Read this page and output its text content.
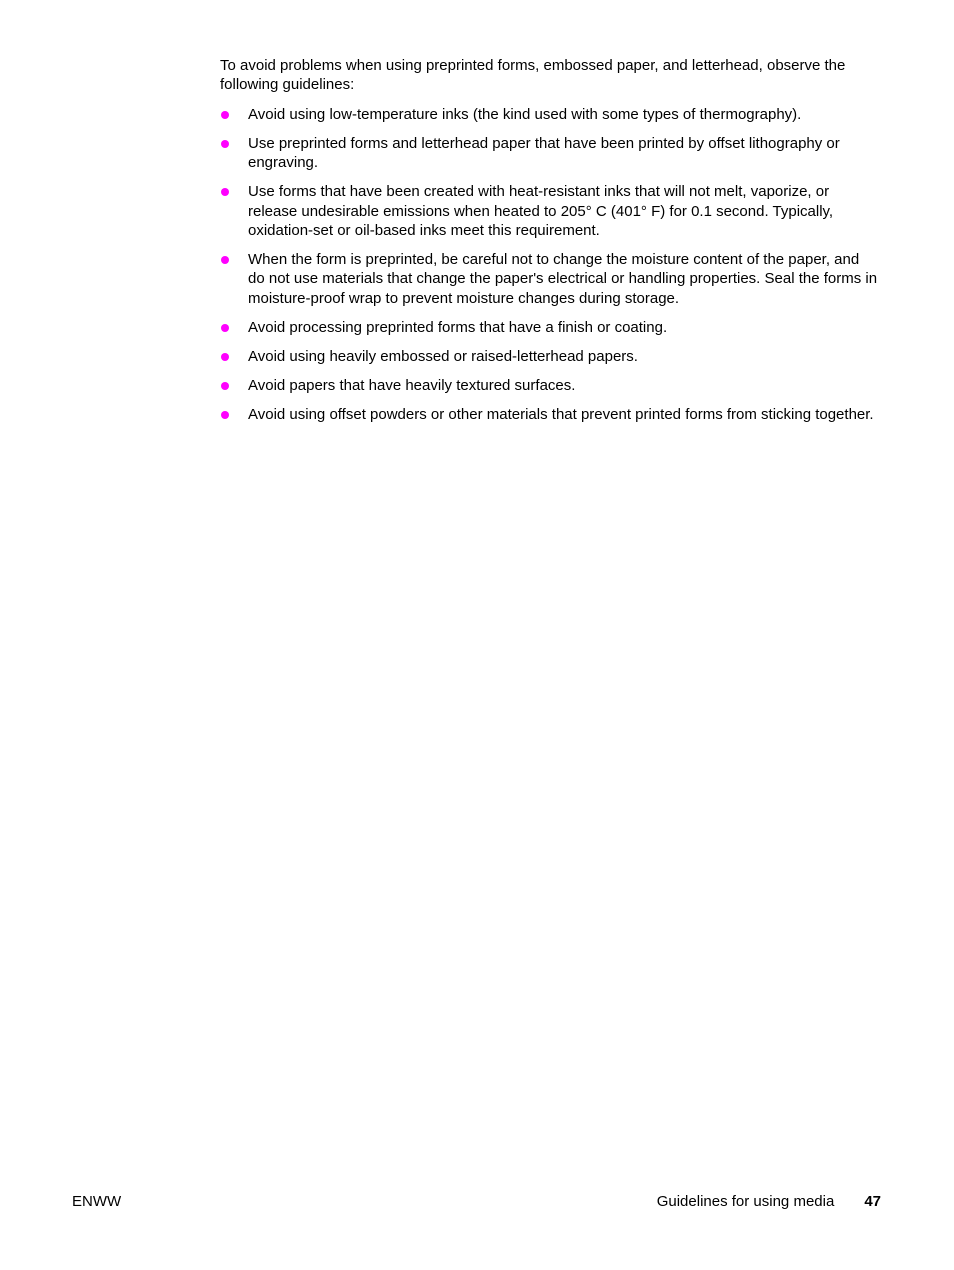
To avoid problems when using preprinted forms, embossed paper, and letterhead, observe the following guidelines:

Avoid using low-temperature inks (the kind used with some types of thermography).
Use preprinted forms and letterhead paper that have been printed by offset lithography or engraving.
Use forms that have been created with heat-resistant inks that will not melt, vaporize, or release undesirable emissions when heated to 205° C (401° F) for 0.1 second. Typically, oxidation-set or oil-based inks meet this requirement.
When the form is preprinted, be careful not to change the moisture content of the paper, and do not use materials that change the paper's electrical or handling properties. Seal the forms in moisture-proof wrap to prevent moisture changes during storage.
Avoid processing preprinted forms that have a finish or coating.
Avoid using heavily embossed or raised-letterhead papers.
Avoid papers that have heavily textured surfaces.
Avoid using offset powders or other materials that prevent printed forms from sticking together.
ENWW	Guidelines for using media 47
